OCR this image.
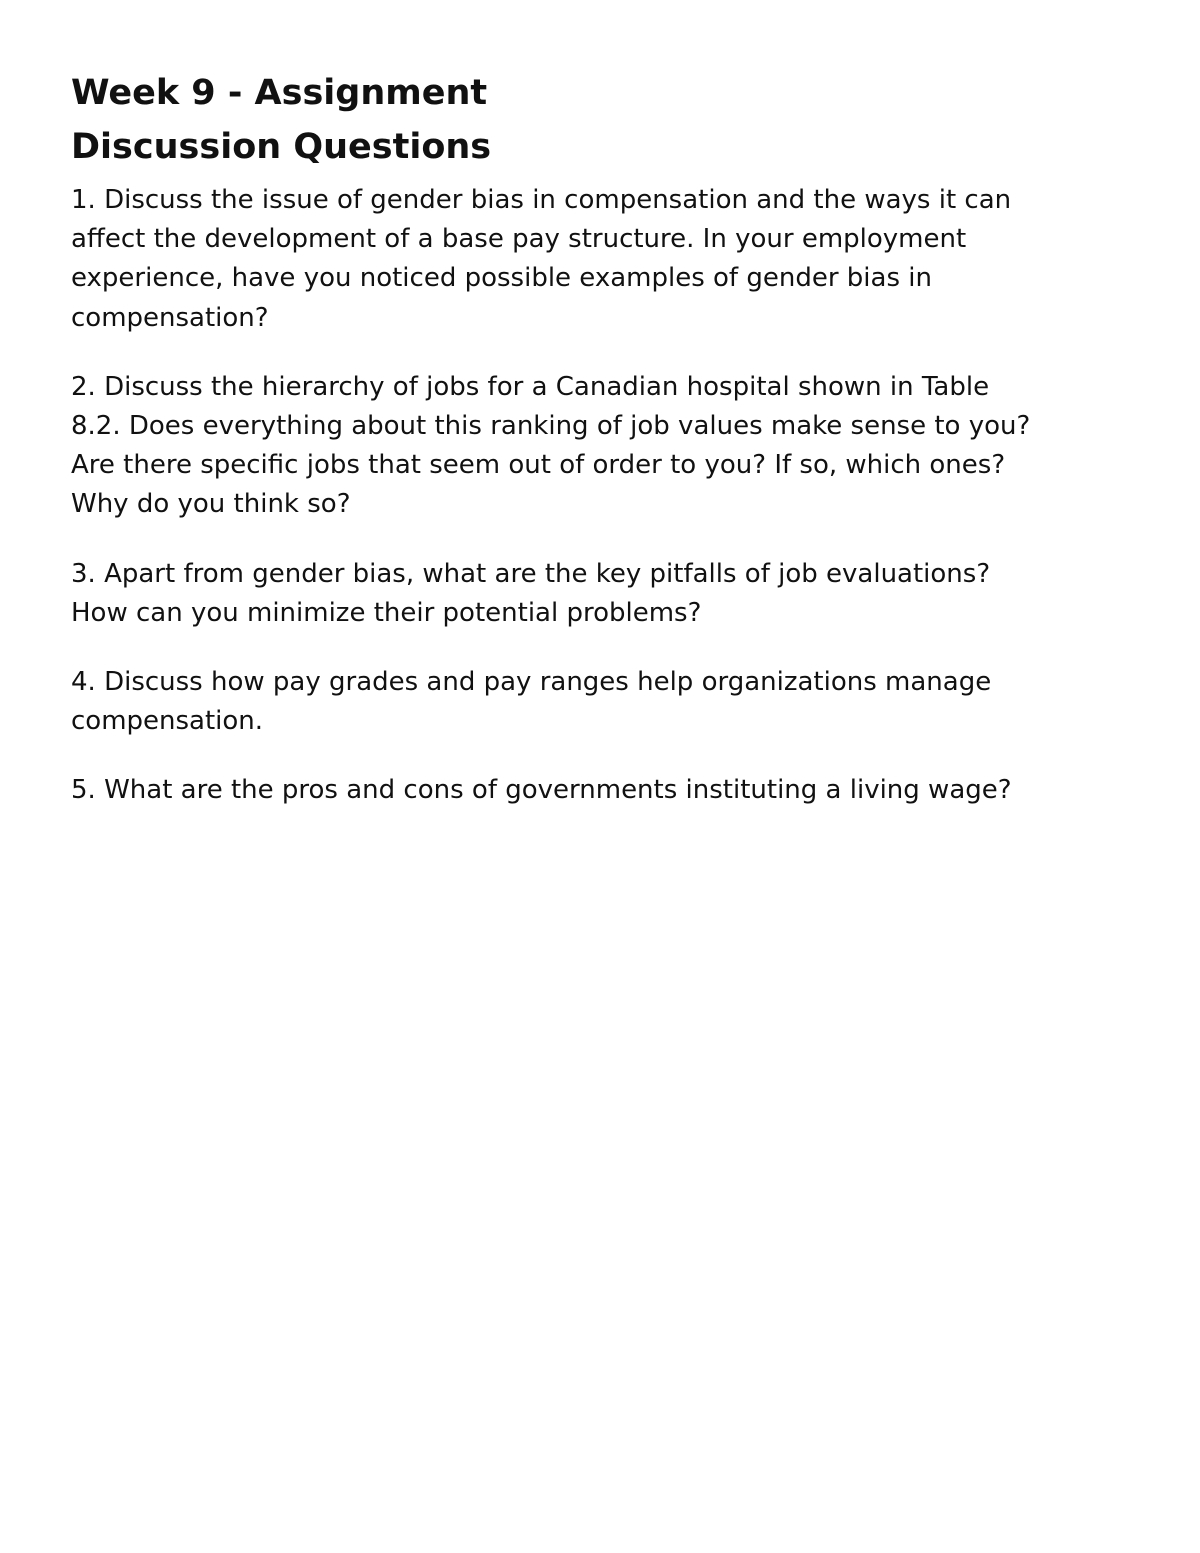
Week 9 - Assignment
Discussion Questions

1. Discuss the issue of gender bias in compensation and the ways it can
affect the development of a base pay structure. In your employment
experience, have you noticed possible examples of gender bias in
compensation?

2. Discuss the hierarchy of jobs for a Canadian hospital shown in Table
8.2. Does everything about this ranking of job values make sense to you?
Are there specific jobs that seem out of order to you? If so, which ones?
Why do you think so?

3. Apart from gender bias, what are the key pitfalls of job evaluations?
How can you minimize their potential problems?

4. Discuss how pay grades and pay ranges help organizations manage
compensation.

5. What are the pros and cons of governments instituting a living wage?
